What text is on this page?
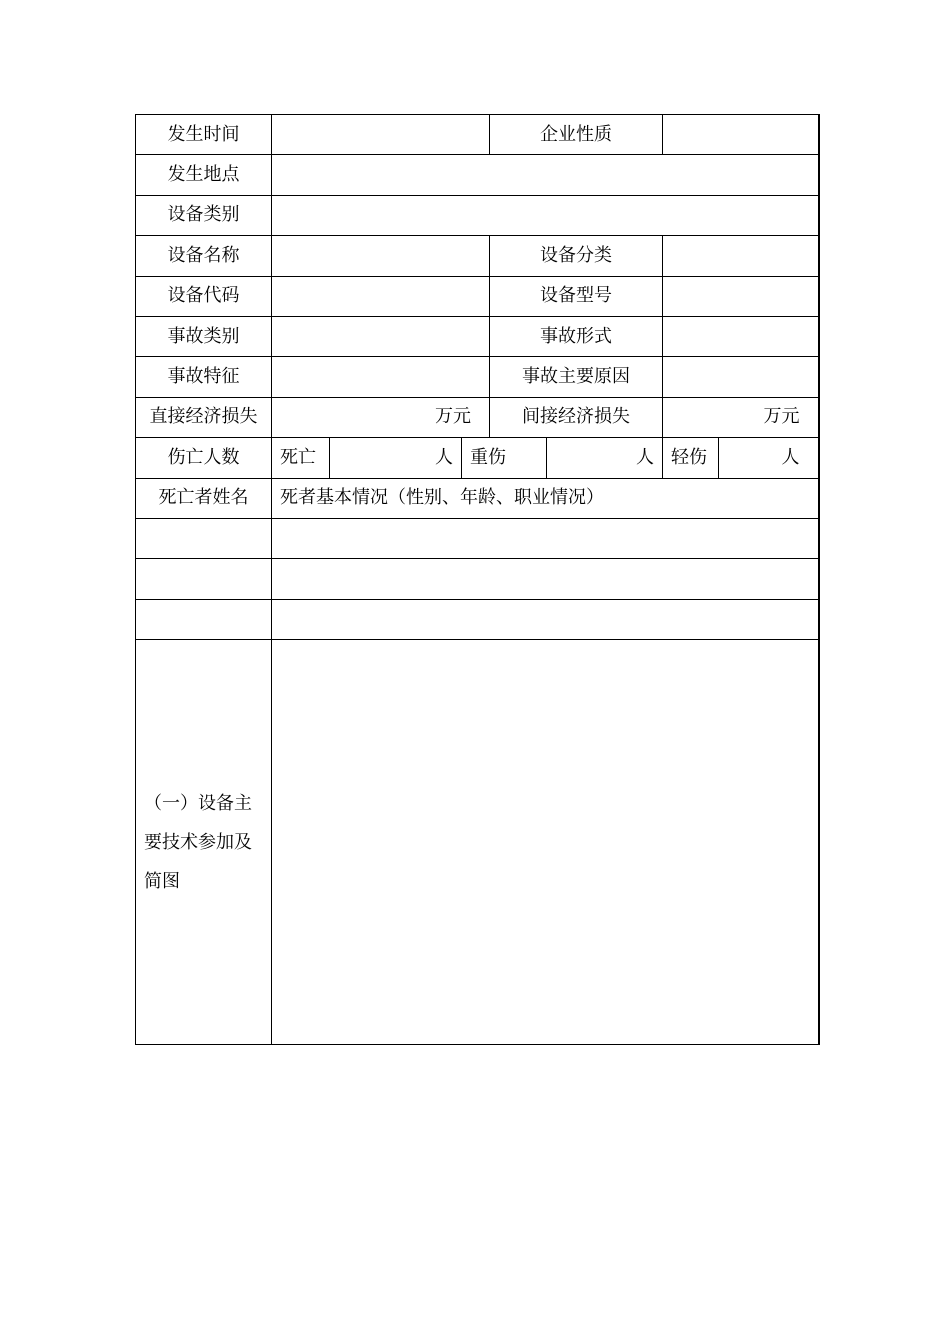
发生时间				企业性质			
发生地点							
设备类别							
设备名称				设备分类			
设备代码				设备型号			
事故类别				事故形式			
事故特征				事故主要原因			
直接经济损失	万元			间接经济损失		万元	
伤亡人数	死亡	人	重伤		人	轻伤	人
死亡者姓名	死者基本情况（性别、年龄、职业情况）						

（一）设备主要技术参加及简图							
